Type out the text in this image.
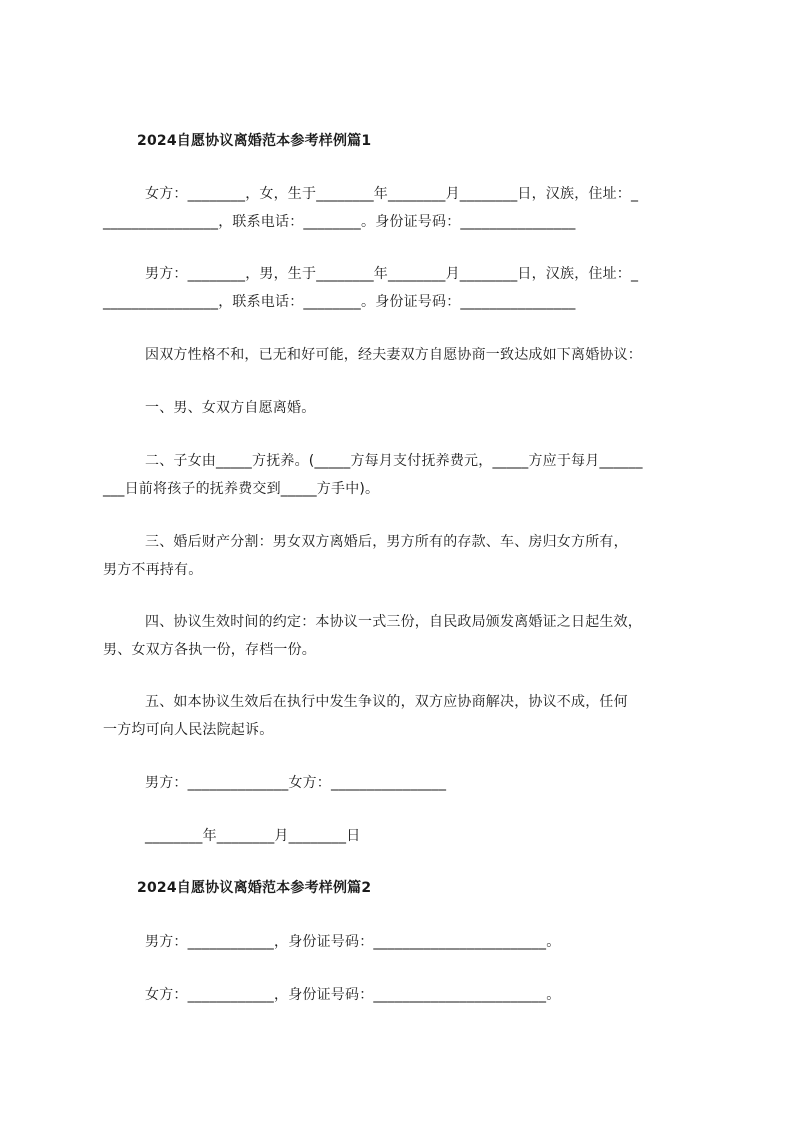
2024自愿协议离婚范本参考样例篇1
女方：________，女，生于________年________月________日，汉族，住址：_
________________，联系电话：________。身份证号码：________________
男方：________，男，生于________年________月________日，汉族，住址：_
________________，联系电话：________。身份证号码：________________
因双方性格不和，已无和好可能，经夫妻双方自愿协商一致达成如下离婚协议：
一、男、女双方自愿离婚。
二、子女由_____方抚养。(_____方每月支付抚养费元，_____方应于每月______
___日前将孩子的抚养费交到_____方手中)。
三、婚后财产分割：男女双方离婚后，男方所有的存款、车、房归女方所有，
男方不再持有。
四、协议生效时间的约定：本协议一式三份，自民政局颁发离婚证之日起生效，
男、女双方各执一份，存档一份。
五、如本协议生效后在执行中发生争议的，双方应协商解决，协议不成，任何
一方均可向人民法院起诉。
男方：______________女方：________________
________年________月________日
2024自愿协议离婚范本参考样例篇2
男方：____________，身份证号码：________________________。
女方：____________，身份证号码：________________________。
